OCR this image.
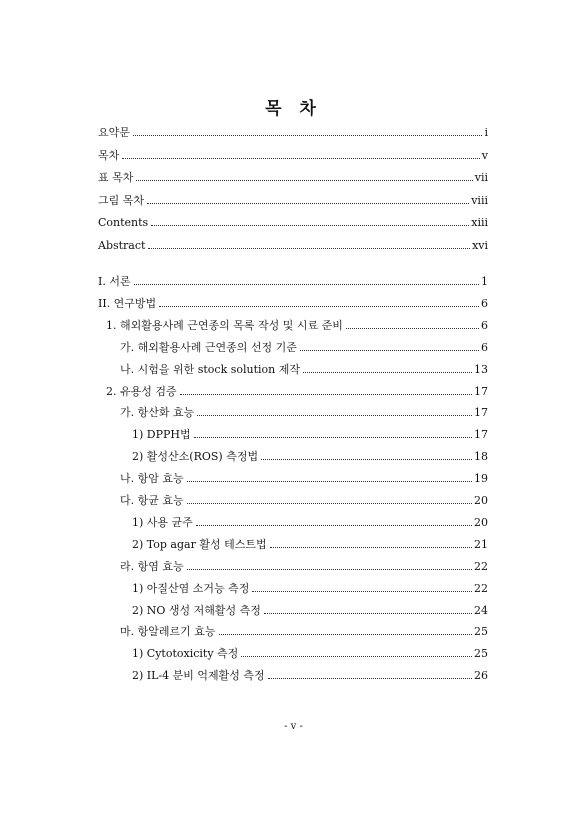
목 차
요약문	i
목차	v
표 목차	vii
그림 목차	viii
Contents	xiii
Abstract	xvi
I. 서론	1
II. 연구방법	6
1. 해외활용사례 근연종의 목록 작성 및 시료 준비	6
가. 해외활용사례 근연종의 선정 기준	6
나. 시험을 위한 stock solution 제작	13
2. 유용성 검증	17
가. 항산화 효능	17
1) DPPH법	17
2) 활성산소(ROS) 측정법	18
나. 항암 효능	19
다. 항균 효능	20
1) 사용 균주	20
2) Top agar 활성 테스트법	21
라. 항염 효능	22
1) 아질산염 소거능 측정	22
2) NO 생성 저해활성 측정	24
마. 항알레르기 효능	25
1) Cytotoxicity 측정	25
2) IL-4 분비 억제활성 측정	26
- v -
